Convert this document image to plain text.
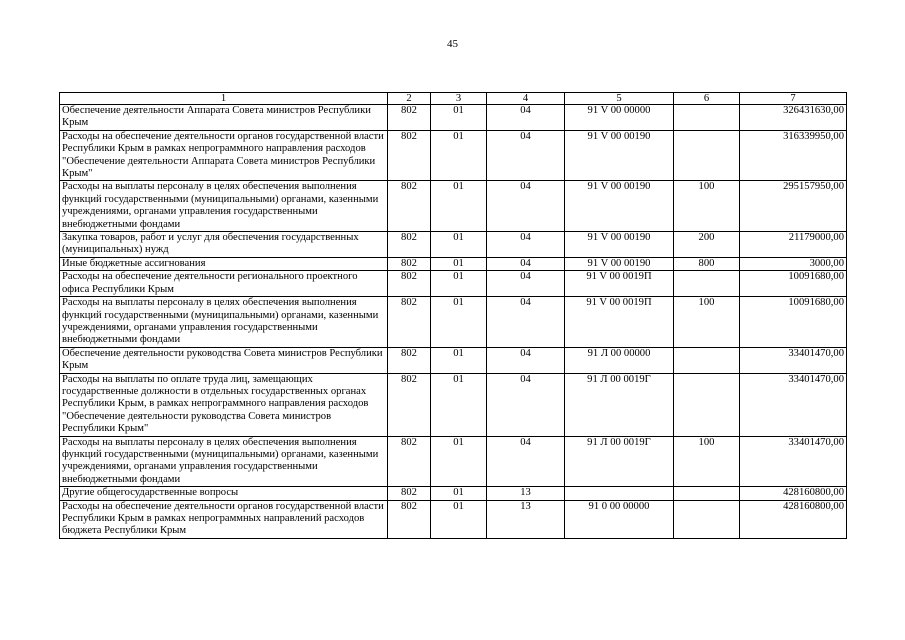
45
1	2	3	4	5	6	7
Обеспечение деятельности Аппарата Совета министров Республики Крым	802	01	04	91 V 00 00000		326431630,00
Расходы на обеспечение деятельности органов государственной власти Республики Крым в рамках непрограммного направления расходов "Обеспечение деятельности Аппарата Совета министров Республики Крым"	802	01	04	91 V 00 00190		316339950,00
Расходы на выплаты персоналу в целях обеспечения выполнения функций государственными (муниципальными) органами, казенными учреждениями, органами управления государственными внебюджетными фондами	802	01	04	91 V 00 00190	100	295157950,00
Закупка товаров, работ и услуг для обеспечения государственных (муниципальных) нужд	802	01	04	91 V 00 00190	200	21179000,00
Иные бюджетные ассигнования	802	01	04	91 V 00 00190	800	3000,00
Расходы на обеспечение деятельности регионального проектного офиса Республики Крым	802	01	04	91 V 00 0019П		10091680,00
Расходы на выплаты персоналу в целях обеспечения выполнения функций государственными (муниципальными) органами, казенными учреждениями, органами управления государственными внебюджетными фондами	802	01	04	91 V 00 0019П	100	10091680,00
Обеспечение деятельности руководства Совета министров Республики Крым	802	01	04	91 Л 00 00000		33401470,00
Расходы на выплаты по оплате труда лиц, замещающих государственные должности в отдельных государственных органах Республики Крым, в рамках непрограммного направления расходов "Обеспечение деятельности руководства Совета министров Республики Крым"	802	01	04	91 Л 00 0019Г		33401470,00
Расходы на выплаты персоналу в целях обеспечения выполнения функций государственными (муниципальными) органами, казенными учреждениями, органами управления государственными внебюджетными фондами	802	01	04	91 Л 00 0019Г	100	33401470,00
Другие общегосударственные вопросы	802	01	13			428160800,00
Расходы на обеспечение деятельности органов государственной власти Республики Крым в рамках непрограммных направлений расходов бюджета Республики Крым	802	01	13	91 0 00 00000		428160800,00
